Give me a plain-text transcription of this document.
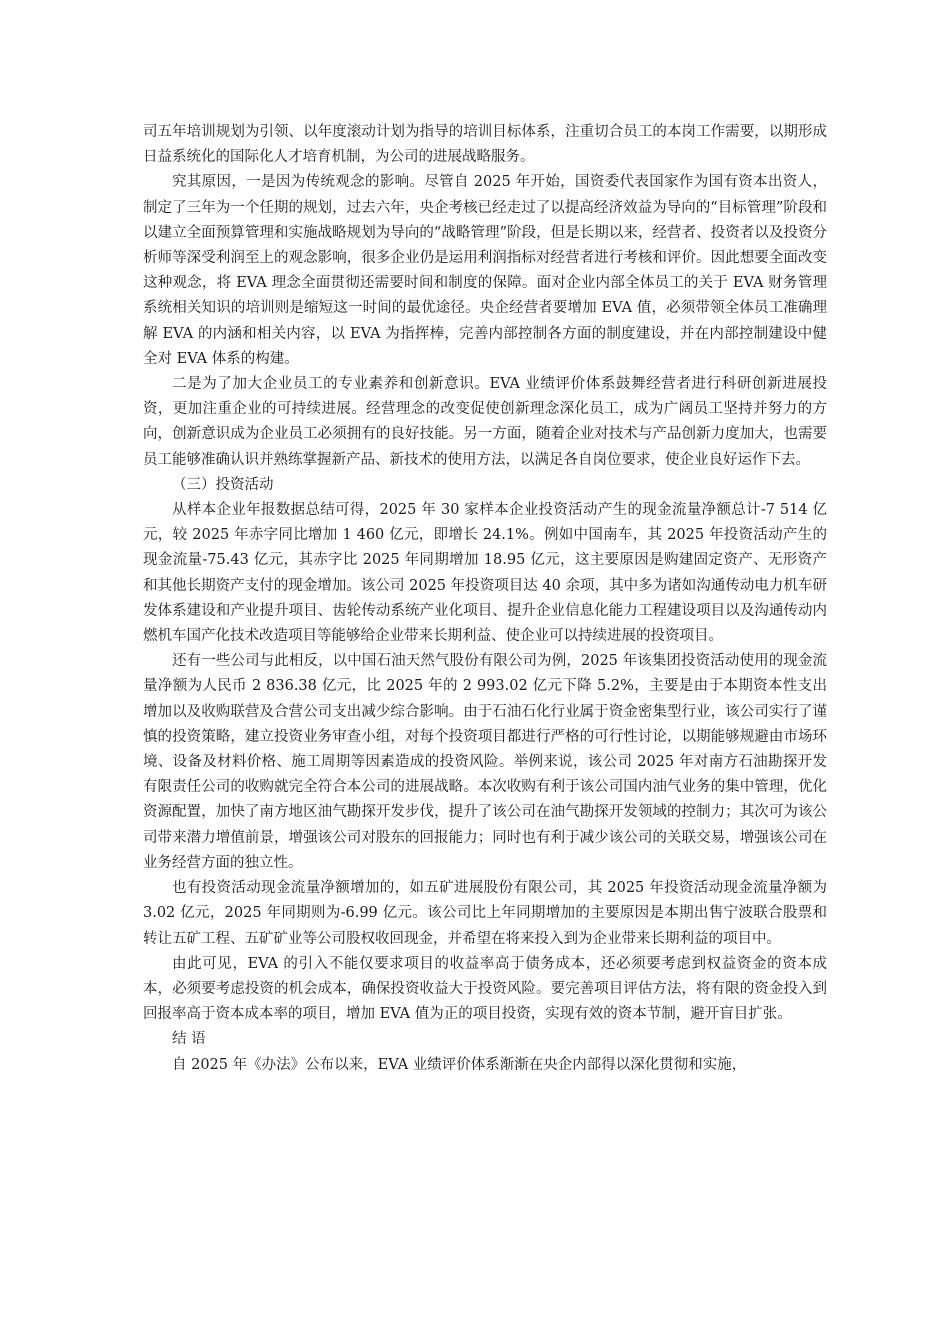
司五年培训规划为引领、以年度滚动计划为指导的培训目标体系，注重切合员工的本岗工作需要，以期形成日益系统化的国际化人才培育机制，为公司的进展战略服务。

究其原因，一是因为传统观念的影响。尽管自 2025 年开始，国资委代表国家作为国有资本出资人，制定了三年为一个任期的规划，过去六年，央企考核已经走过了以提高经济效益为导向的“目标管理”阶段和以建立全面预算管理和实施战略规划为导向的“战略管理”阶段，但是长期以来，经营者、投资者以及投资分析师等深受利润至上的观念影响，很多企业仍是运用利润指标对经营者进行考核和评价。因此想要全面改变这种观念，将 EVA 理念全面贯彻还需要时间和制度的保障。面对企业内部全体员工的关于 EVA 财务管理系统相关知识的培训则是缩短这一时间的最优途径。央企经营者要增加 EVA 值，必须带领全体员工准确理解 EVA 的内涵和相关内容，以 EVA 为指挥棒，完善内部控制各方面的制度建设，并在内部控制建设中健全对 EVA 体系的构建。

二是为了加大企业员工的专业素养和创新意识。EVA 业绩评价体系鼓舞经营者进行科研创新进展投资，更加注重企业的可持续进展。经营理念的改变促使创新理念深化员工，成为广阔员工坚持并努力的方向，创新意识成为企业员工必须拥有的良好技能。另一方面，随着企业对技术与产品创新力度加大，也需要员工能够准确认识并熟练掌握新产品、新技术的使用方法，以满足各自岗位要求，使企业良好运作下去。

（三）投资活动

从样本企业年报数据总结可得，2025 年 30 家样本企业投资活动产生的现金流量净额总计-7 514 亿元，较 2025 年赤字同比增加 1 460 亿元，即增长 24.1%。例如中国南车，其 2025 年投资活动产生的现金流量-75.43 亿元，其赤字比 2025 年同期增加 18.95 亿元，这主要原因是购建固定资产、无形资产和其他长期资产支付的现金增加。该公司 2025 年投资项目达 40 余项，其中多为诸如沟通传动电力机车研发体系建设和产业提升项目、齿轮传动系统产业化项目、提升企业信息化能力工程建设项目以及沟通传动内燃机车国产化技术改造项目等能够给企业带来长期利益、使企业可以持续进展的投资项目。

还有一些公司与此相反，以中国石油天然气股份有限公司为例，2025 年该集团投资活动使用的现金流量净额为人民币 2 836.38 亿元，比 2025 年的 2 993.02 亿元下降 5.2%，主要是由于本期资本性支出增加以及收购联营及合营公司支出减少综合影响。由于石油石化行业属于资金密集型行业，该公司实行了谨慎的投资策略，建立投资业务审查小组，对每个投资项目都进行严格的可行性讨论，以期能够规避由市场环境、设备及材料价格、施工周期等因素造成的投资风险。举例来说，该公司 2025 年对南方石油勘探开发有限责任公司的收购就完全符合本公司的进展战略。本次收购有利于该公司国内油气业务的集中管理，优化资源配置，加快了南方地区油气勘探开发步伐，提升了该公司在油气勘探开发领域的控制力；其次可为该公司带来潜力增值前景，增强该公司对股东的回报能力；同时也有利于减少该公司的关联交易，增强该公司在业务经营方面的独立性。

也有投资活动现金流量净额增加的，如五矿进展股份有限公司，其 2025 年投资活动现金流量净额为 3.02 亿元，2025 年同期则为-6.99 亿元。该公司比上年同期增加的主要原因是本期出售宁波联合股票和转让五矿工程、五矿矿业等公司股权收回现金，并希望在将来投入到为企业带来长期利益的项目中。

由此可见，EVA 的引入不能仅要求项目的收益率高于债务成本，还必须要考虑到权益资金的资本成本，必须要考虑投资的机会成本，确保投资收益大于投资风险。要完善项目评估方法，将有限的资金投入到回报率高于资本成本率的项目，增加 EVA 值为正的项目投资，实现有效的资本节制，避开盲目扩张。

结 语

自 2025 年《办法》公布以来，EVA 业绩评价体系渐渐在央企内部得以深化贯彻和实施，
